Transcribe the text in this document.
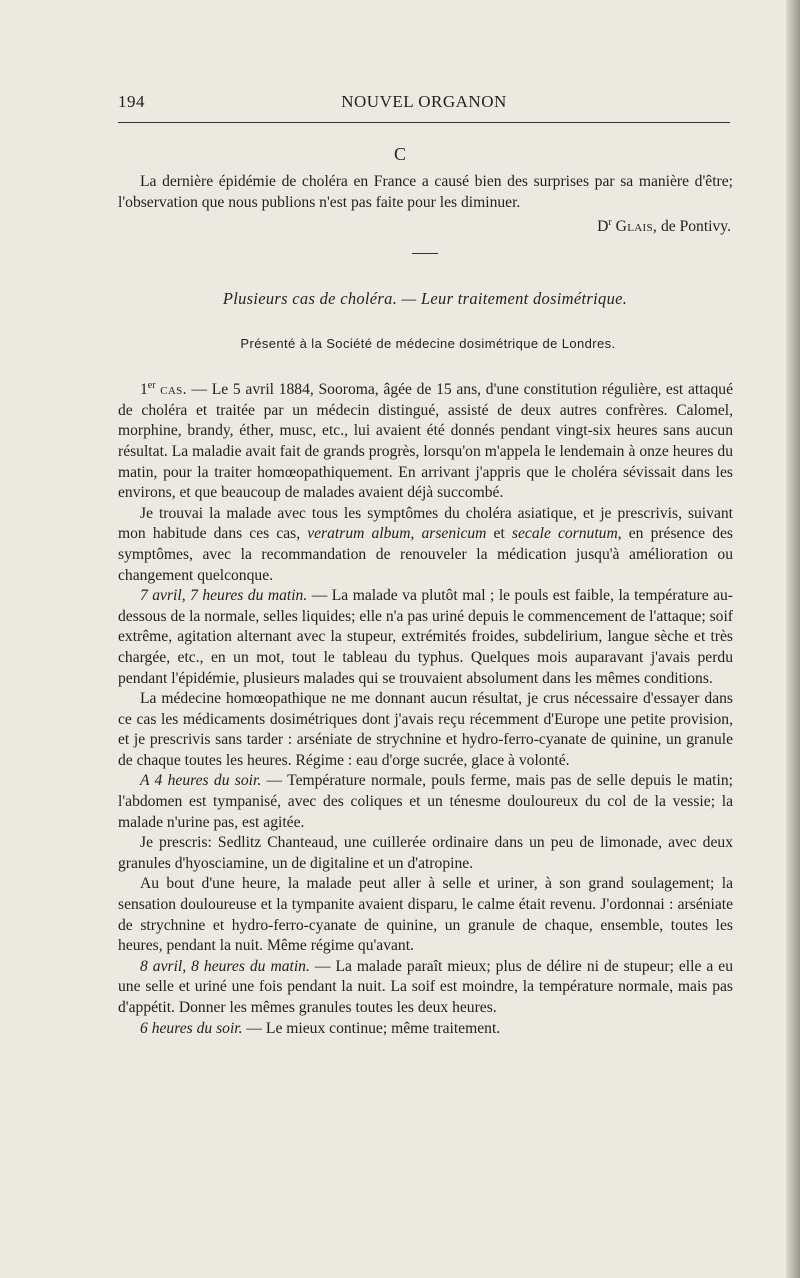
194	NOUVEL ORGANON
C

La dernière épidémie de choléra en France a causé bien des surprises par sa manière d'être; l'observation que nous publions n'est pas faite pour les diminuer.

$D^r$ Glais, de Pontivy.
Plusieurs cas de choléra. — Leur traitement dosimétrique.
Présenté à la Société de médecine dosimétrique de Londres.

1er cas. — Le 5 avril 1884, Sooroma, âgée de 15 ans, d'une constitution régulière, est attaqué de choléra et traitée par un médecin distingué, assisté de deux autres confrères. Calomel, morphine, brandy, éther, musc, etc., lui avaient été donnés pendant vingt-six heures sans aucun résultat. La maladie avait fait de grands progrès, lorsqu'on m'appela le lendemain à onze heures du matin, pour la traiter homœopathiquement. En arrivant j'appris que le choléra sévissait dans les environs, et que beaucoup de malades avaient déjà succombé.

Je trouvai la malade avec tous les symptômes du choléra asiatique, et je prescrivis, suivant mon habitude dans ces cas, veratrum album, arsenicum et secale cornutum, en présence des symptômes, avec la recommandation de renouveler la médication jusqu'à amélioration ou changement quelconque.

7 avril, 7 heures du matin. — La malade va plutôt mal ; le pouls est faible, la température au-dessous de la normale, selles liquides; elle n'a pas uriné depuis le commencement de l'attaque; soif extrême, agitation alternant avec la stupeur, extrémités froides, subdelirium, langue sèche et très chargée, etc., en un mot, tout le tableau du typhus. Quelques mois auparavant j'avais perdu pendant l'épidémie, plusieurs malades qui se trouvaient absolument dans les mêmes conditions.

La médecine homœopathique ne me donnant aucun résultat, je crus nécessaire d'essayer dans ce cas les médicaments dosimétriques dont j'avais reçu récemment d'Europe une petite provision, et je prescrivis sans tarder : arséniate de strychnine et hydro-ferro-cyanate de quinine, un granule de chaque toutes les heures. Régime : eau d'orge sucrée, glace à volonté.

A 4 heures du soir. — Température normale, pouls ferme, mais pas de selle depuis le matin; l'abdomen est tympanisé, avec des coliques et un ténesme douloureux du col de la vessie; la malade n'urine pas, est agitée.

Je prescris: Sedlitz Chanteaud, une cuillerée ordinaire dans un peu de limonade, avec deux granules d'hyosciamine, un de digitaline et un d'atropine.

Au bout d'une heure, la malade peut aller à selle et uriner, à son grand soulagement; la sensation douloureuse et la tympanite avaient disparu, le calme était revenu. J'ordonnai : arséniate de strychnine et hydro-ferro-cyanate de quinine, un granule de chaque, ensemble, toutes les heures, pendant la nuit. Même régime qu'avant.

8 avril, 8 heures du matin. — La malade paraît mieux; plus de délire ni de stupeur; elle a eu une selle et uriné une fois pendant la nuit. La soif est moindre, la température normale, mais pas d'appétit. Donner les mêmes granules toutes les deux heures.

6 heures du soir. — Le mieux continue; même traitement.
